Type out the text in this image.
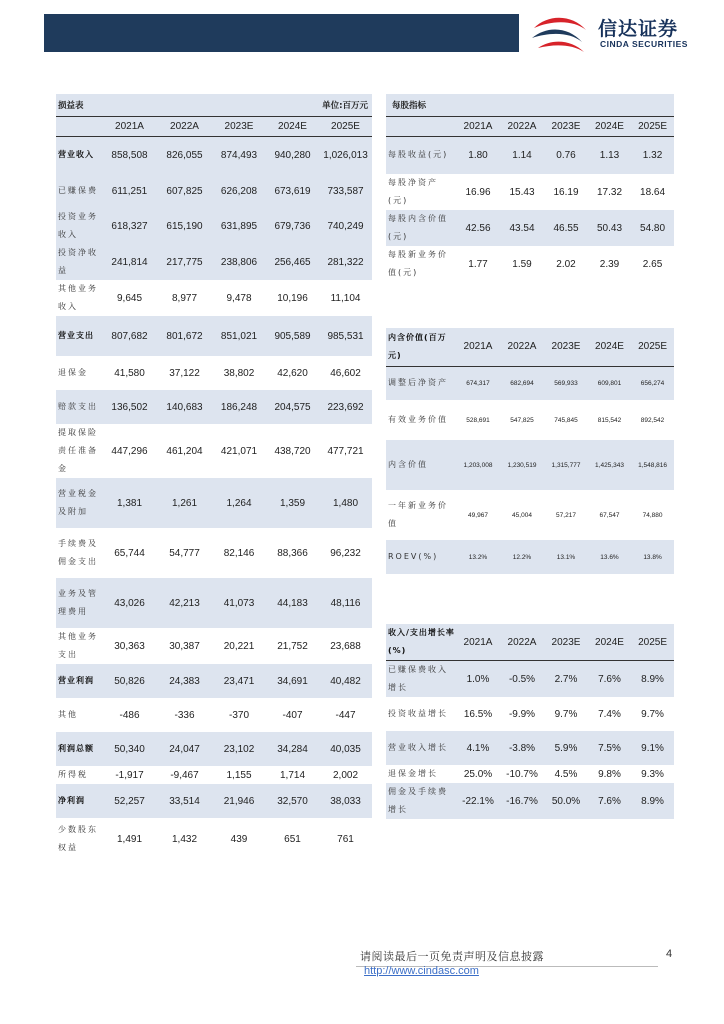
信达证券
CINDA SECURITIES
损益表				单位:百万元	
	2021A	2022A	2023E	2024E	2025E
营业收入	858,508	826,055	874,493	940,280	1,026,013
已赚保费	611,251	607,825	626,208	673,619	733,587
投资业务收入	618,327	615,190	631,895	679,736	740,249
投资净收益	241,814	217,775	238,806	256,465	281,322
其他业务收入	9,645	8,977	9,478	10,196	11,104
营业支出	807,682	801,672	851,021	905,589	985,531
退保金	41,580	37,122	38,802	42,620	46,602
赔款支出	136,502	140,683	186,248	204,575	223,692
提取保险责任准备金	447,296	461,204	421,071	438,720	477,721
营业税金及附加	1,381	1,261	1,264	1,359	1,480
手续费及佣金支出	65,744	54,777	82,146	88,366	96,232
业务及管理费用	43,026	42,213	41,073	44,183	48,116
其他业务支出	30,363	30,387	20,221	21,752	23,688
营业利润	50,826	24,383	23,471	34,691	40,482
其他	-486	-336	-370	-407	-447
利润总额	50,340	24,047	23,102	34,284	40,035
所得税	-1,917	-9,467	1,155	1,714	2,002
净利润	52,257	33,514	21,946	32,570	38,033
少数股东权益	1,491	1,432	439	651	761
每股指标					
	2021A	2022A	2023E	2024E	2025E
每股收益(元)	1.80	1.14	0.76	1.13	1.32
每股净资产(元)	16.96	15.43	16.19	17.32	18.64
每股内含价值(元)	42.56	43.54	46.55	50.43	54.80
每股新业务价值(元)	1.77	1.59	2.02	2.39	2.65

内含价值(百万元)	2021A	2022A	2023E	2024E	2025E
调整后净资产	674,317	682,694	569,933	609,801	656,274
有效业务价值	528,691	547,825	745,845	815,542	892,542
内含价值	1,203,008	1,230,519	1,315,777	1,425,343	1,548,816
一年新业务价值	49,967	45,004	57,217	67,547	74,880
ROEV(%)	13.2%	12.2%	13.1%	13.6%	13.8%

收入/支出增长率(%)	2021A	2022A	2023E	2024E	2025E
已赚保费收入增长	1.0%	-0.5%	2.7%	7.6%	8.9%
投资收益增长	16.5%	-9.9%	9.7%	7.4%	9.7%
营业收入增长	4.1%	-3.8%	5.9%	7.5%	9.1%
退保金增长	25.0%	-10.7%	4.5%	9.8%	9.3%
佣金及手续费增长	-22.1%	-16.7%	50.0%	7.6%	8.9%

请阅读最后一页免责声明及信息披露 http://www.cindasc.com
4
